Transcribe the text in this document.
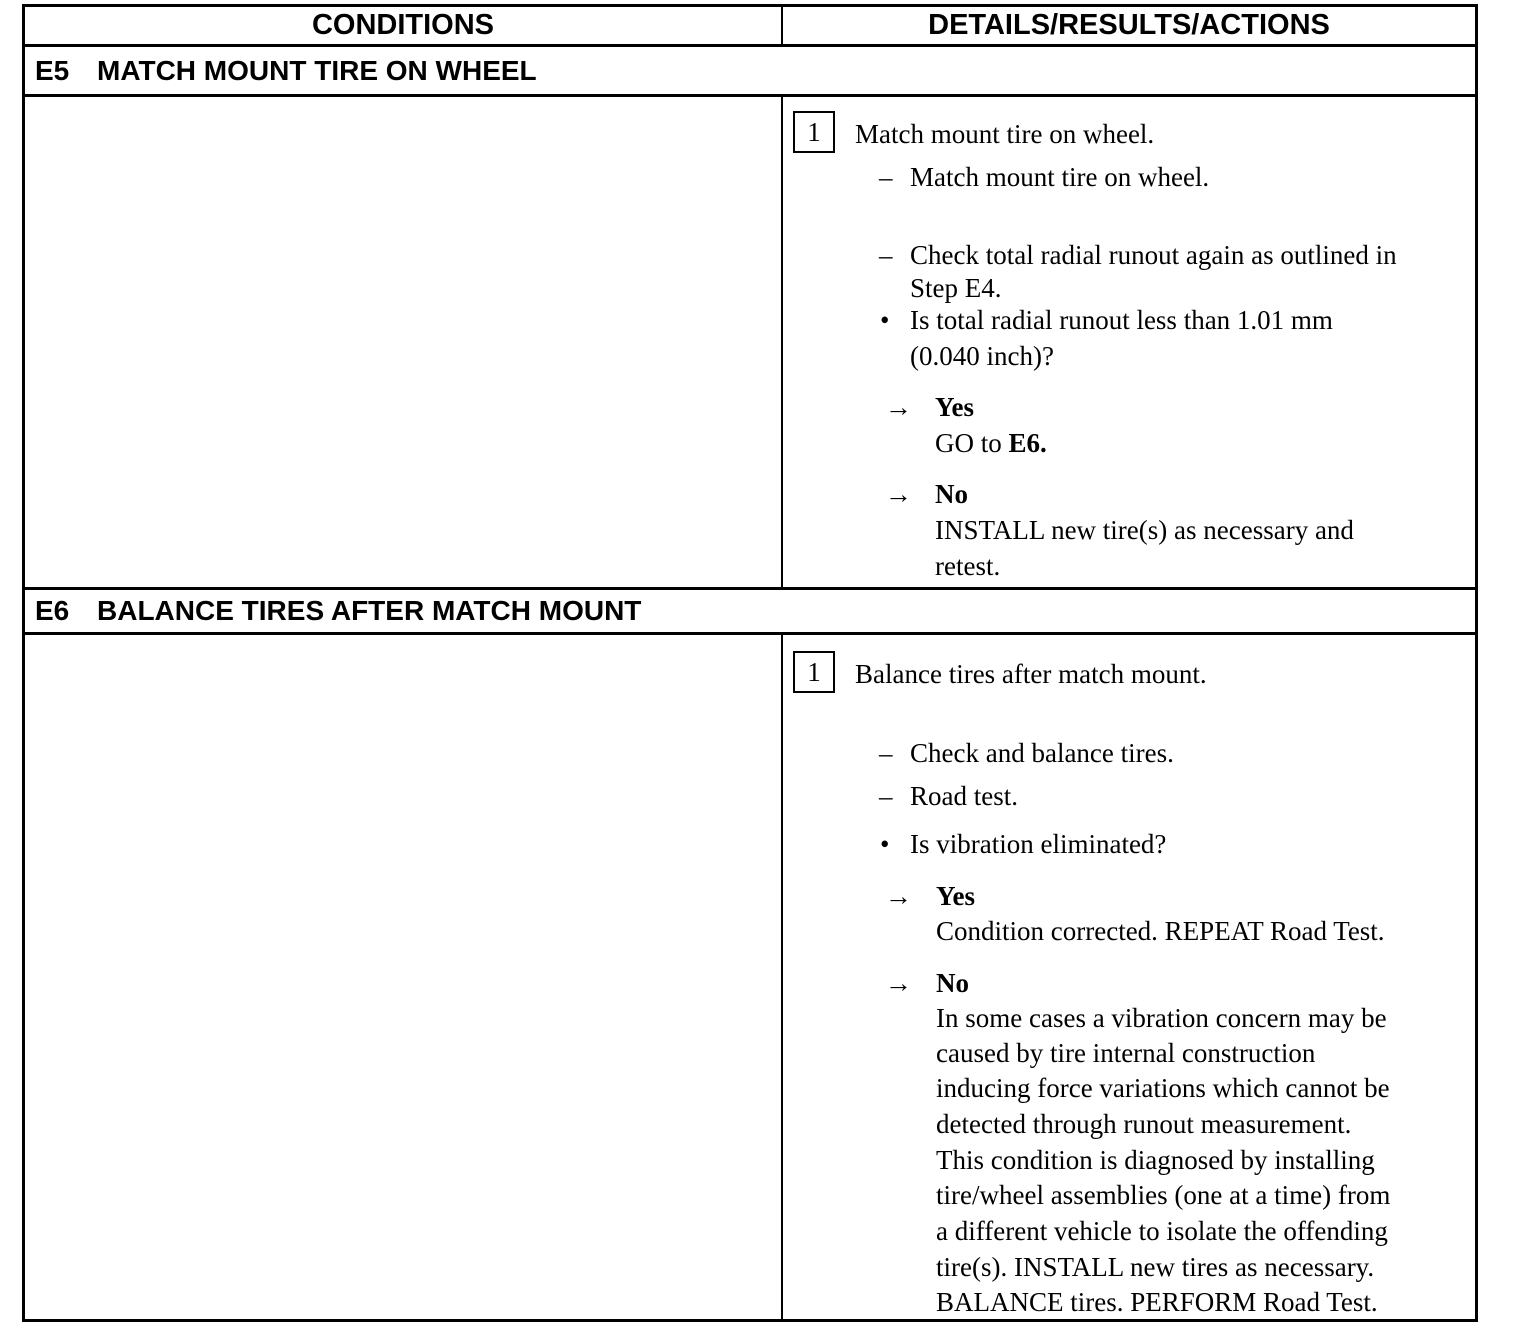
CONDITIONS	DETAILS/RESULTS/ACTIONS
E5 MATCH MOUNT TIRE ON WHEEL
1	Match mount tire on wheel.
– Match mount tire on wheel.
– Check total radial runout again as outlined in
Step E4.
• Is total radial runout less than 1.01 mm
(0.040 inch)?
→ Yes
GO to E6.
→ No
INSTALL new tire(s) as necessary and
retest.
E6 BALANCE TIRES AFTER MATCH MOUNT
1	Balance tires after match mount.
– Check and balance tires.
– Road test.
• Is vibration eliminated?
→ Yes
Condition corrected. REPEAT Road Test.
→ No
In some cases a vibration concern may be
caused by tire internal construction
inducing force variations which cannot be
detected through runout measurement.
This condition is diagnosed by installing
tire/wheel assemblies (one at a time) from
a different vehicle to isolate the offending
tire(s). INSTALL new tires as necessary.
BALANCE tires. PERFORM Road Test.
